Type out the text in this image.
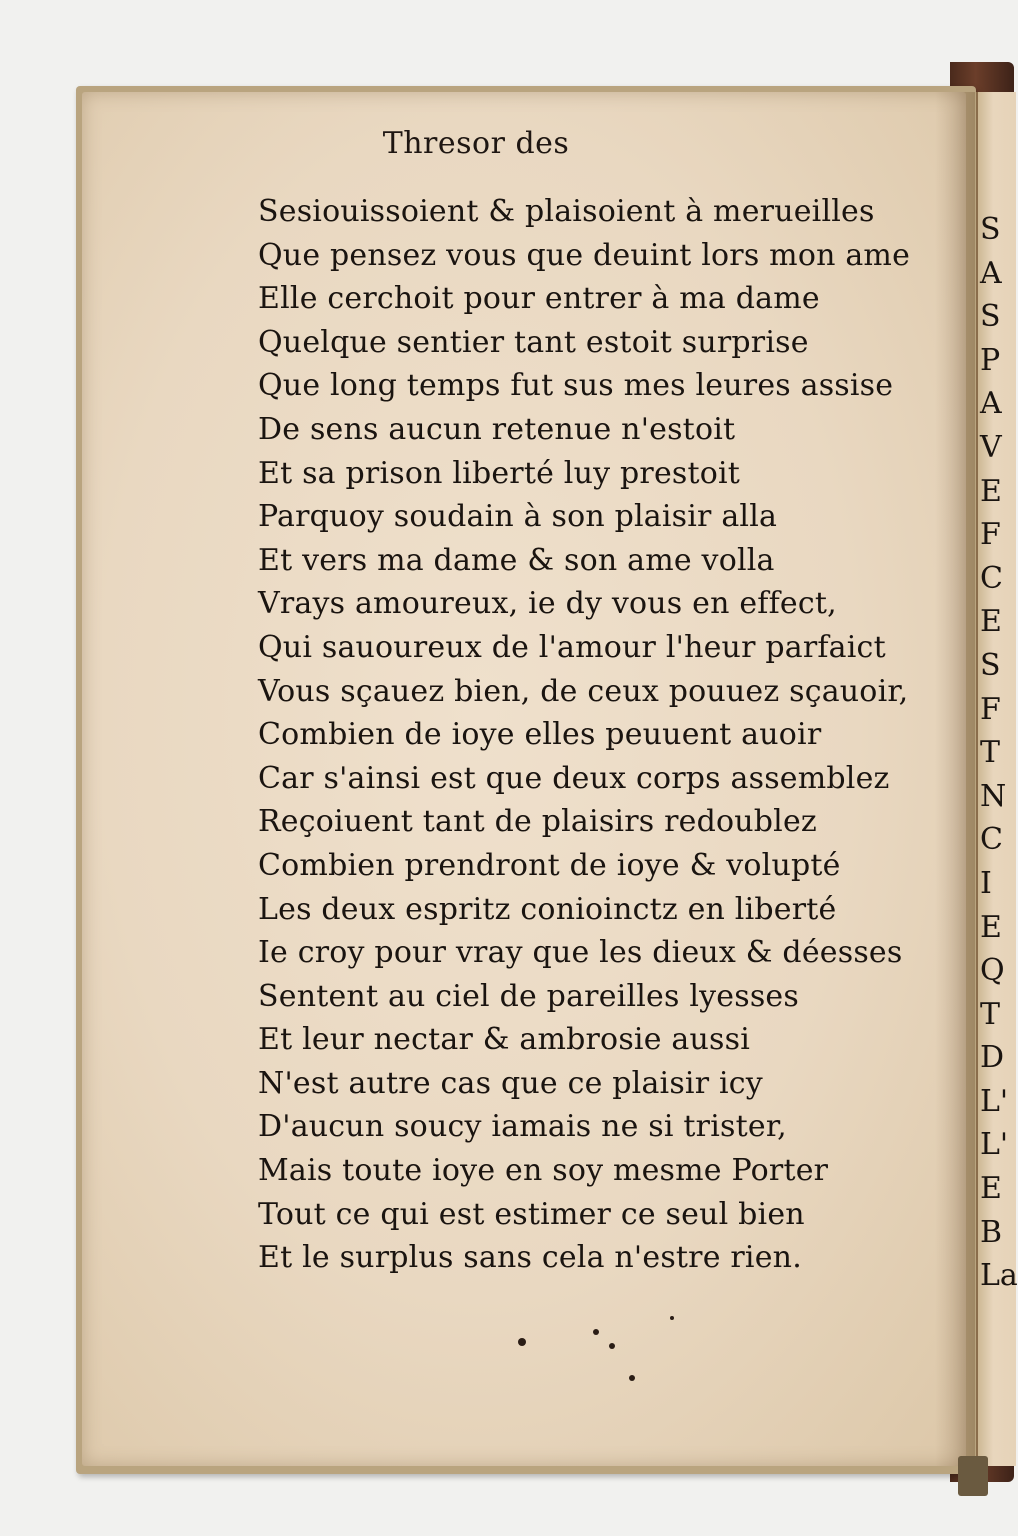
Thresor des
Sesiouissoient & plaisoient à merueilles
Que pensez vous que deuint lors mon ame
Elle cerchoit pour entrer à ma dame
Quelque sentier tant estoit surprise
Que long temps fut sus mes leures assise
De sens aucun retenue n'estoit
Et sa prison liberté luy prestoit
Parquoy soudain à son plaisir alla
Et vers ma dame & son ame volla
Vrays amoureux, ie dy vous en effect,
Qui sauoureux de l'amour l'heur parfaict
Vous sçauez bien, de ceux pouuez sçauoir,
Combien de ioye elles peuuent auoir
Car s'ainsi est que deux corps assemblez
Reçoiuent tant de plaisirs redoublez
Combien prendront de ioye & volupté
Les deux espritz conioinctz en liberté
Ie croy pour vray que les dieux & déesses
Sentent au ciel de pareilles lyesses
Et leur nectar & ambrosie aussi
N'est autre cas que ce plaisir icy
D'aucun soucy iamais ne si trister,
Mais toute ioye en soy mesme Porter
Tout ce qui est estimer ce seul bien
Et le surplus sans cela n'estre rien.
S
A
S
P
A
V
E
F
C
E
S
F
T
N
C
I
E
Q
T
D
L'
L'
E
B
La
